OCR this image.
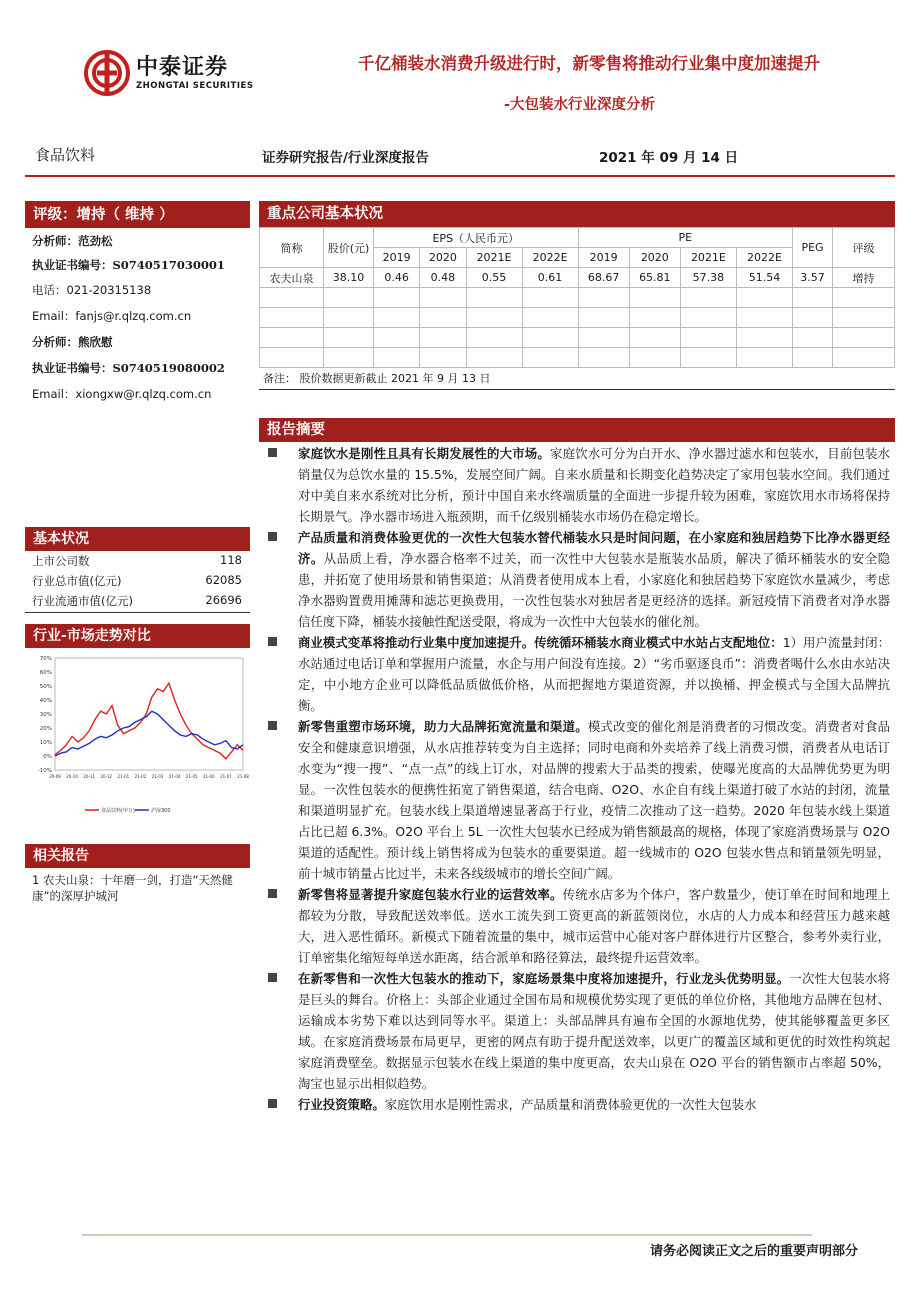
中泰证券
ZHONGTAI SECURITIES
千亿桶装水消费升级进行时，新零售将推动行业集中度加速提升
-大包装水行业深度分析
食品饮料	证券研究报告/行业深度报告	2021 年 09 月 14 日
评级：增持（ 维持 ）
分析师：范劲松
执业证书编号：S0740517030001
电话：021-20315138
Email：fanjs@r.qlzq.com.cn
分析师：熊欣慰
执业证书编号：S0740519080002
Email：xiongxw@r.qlzq.com.cn
基本状况
上市公司数	118
行业总市值(亿元)	62085
行业流通市值(亿元)	26696
行业-市场走势对比
70%
60%
50%
40%
30%
20%
10%
0%
-10%
20-09 20-10 20-11 20-12 21-01 21-02 21-03 21-04 21-05 21-06 21-07 21-08
食品饮料(申万)	沪深300
相关报告
1 农夫山泉：十年磨一剑，打造“天然健康”的深厚护城河
重点公司基本状况
简称	股价(元)	EPS（人民币元）				PE				PEG	评级
		2019	2020	2021E	2022E	2019	2020	2021E	2022E		
农夫山泉	38.10	0.46	0.48	0.55	0.61	68.67	65.81	57.38	51.54	3.57	增持

备注： 股价数据更新截止 2021 年 9 月 13 日
报告摘要
家庭饮水是刚性且具有长期发展性的大市场。家庭饮水可分为白开水、净水器过滤水和包装水，目前包装水销量仅为总饮水量的 15.5%，发展空间广阔。自来水质量和长期变化趋势决定了家用包装水空间。我们通过对中美自来水系统对比分析，预计中国自来水终端质量的全面进一步提升较为困难，家庭饮用水市场将保持长期景气。净水器市场进入瓶颈期，而千亿级别桶装水市场仍在稳定增长。
产品质量和消费体验更优的一次性大包装水替代桶装水只是时间问题，在小家庭和独居趋势下比净水器更经济。从品质上看，净水器合格率不过关，而一次性中大包装水是瓶装水品质，解决了循环桶装水的安全隐患，并拓宽了使用场景和销售渠道；从消费者使用成本上看，小家庭化和独居趋势下家庭饮水量减少，考虑净水器购置费用摊薄和滤芯更换费用，一次性包装水对独居者是更经济的选择。新冠疫情下消费者对净水器信任度下降，桶装水接触性配送受限，将成为一次性中大包装水的催化剂。
商业模式变革将推动行业集中度加速提升。传统循环桶装水商业模式中水站占支配地位：1）用户流量封闭：水站通过电话订单和掌握用户流量，水企与用户间没有连接。2）“劣币驱逐良币”：消费者喝什么水由水站决定，中小地方企业可以降低品质做低价格，从而把握地方渠道资源，并以换桶、押金模式与全国大品牌抗衡。
新零售重塑市场环境，助力大品牌拓宽流量和渠道。模式改变的催化剂是消费者的习惯改变。消费者对食品安全和健康意识增强，从水店推荐转变为自主选择；同时电商和外卖培养了线上消费习惯，消费者从电话订水变为“搜一搜”、“点一点”的线上订水，对品牌的搜索大于品类的搜索，使曝光度高的大品牌优势更为明显。一次性包装水的便携性拓宽了销售渠道，结合电商、O2O、水企自有线上渠道打破了水站的封闭，流量和渠道明显扩充。包装水线上渠道增速显著高于行业，疫情二次推动了这一趋势。2020 年包装水线上渠道占比已超 6.3%。O2O 平台上 5L 一次性大包装水已经成为销售额最高的规格，体现了家庭消费场景与 O2O 渠道的适配性。预计线上销售将成为包装水的重要渠道。超一线城市的 O2O 包装水售点和销量领先明显，前十城市销量占比过半，未来各线级城市的增长空间广阔。
新零售将显著提升家庭包装水行业的运营效率。传统水店多为个体户，客户数量少，使订单在时间和地理上都较为分散，导致配送效率低。送水工流失到工资更高的新蓝领岗位，水店的人力成本和经营压力越来越大，进入恶性循环。新模式下随着流量的集中，城市运营中心能对客户群体进行片区整合，参考外卖行业，订单密集化缩短每单送水距离，结合派单和路径算法，最终提升运营效率。
在新零售和一次性大包装水的推动下，家庭场景集中度将加速提升，行业龙头优势明显。一次性大包装水将是巨头的舞台。价格上：头部企业通过全国布局和规模优势实现了更低的单位价格，其他地方品牌在包材、运输成本劣势下难以达到同等水平。渠道上：头部品牌具有遍布全国的水源地优势，使其能够覆盖更多区域。在家庭消费场景布局更早，更密的网点有助于提升配送效率，以更广的覆盖区域和更优的时效性构筑起家庭消费壁垒。数据显示包装水在线上渠道的集中度更高，农夫山泉在 O2O 平台的销售额市占率超 50%，淘宝也显示出相似趋势。
行业投资策略。家庭饮用水是刚性需求，产品质量和消费体验更优的一次性大包装水
请务必阅读正文之后的重要声明部分
